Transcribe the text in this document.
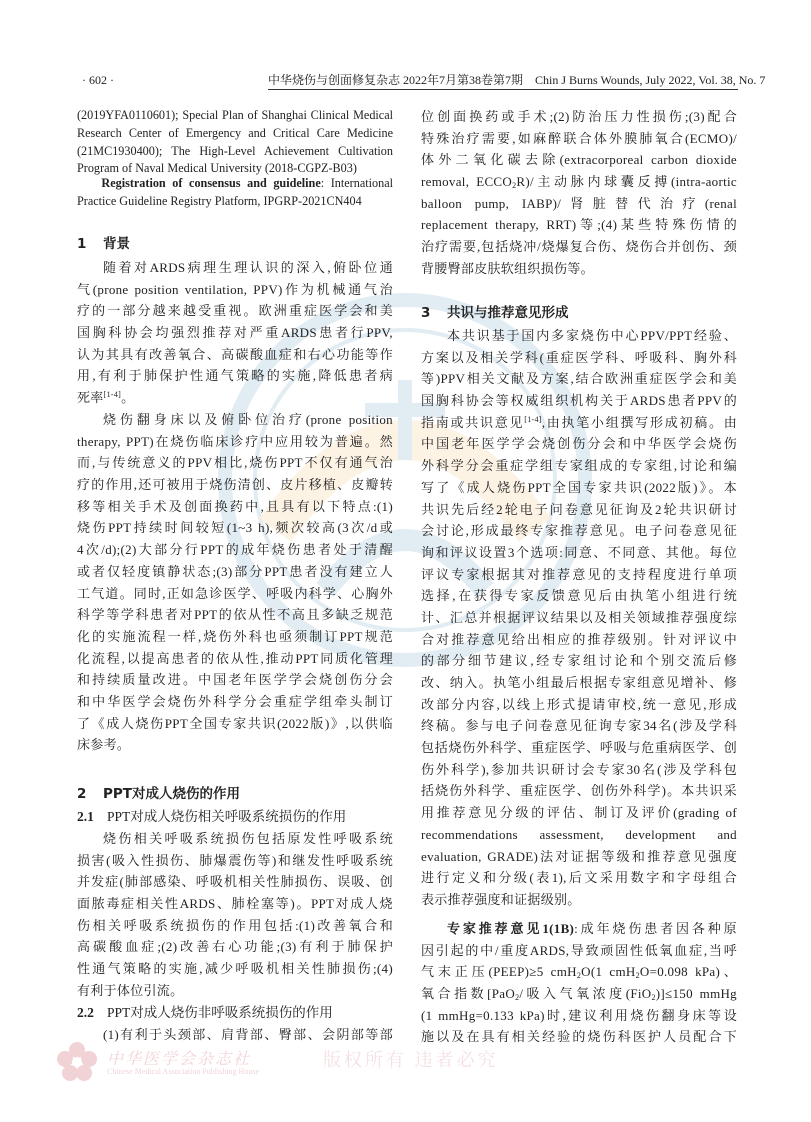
· 602 ·	中华烧伤与创面修复杂志 2022年7月第38卷第7期　Chin J Burns Wounds, July 2022, Vol. 38, No. 7
(2019YFA0110601); Special Plan of Shanghai Clinical Medical
Research Center of Emergency and Critical Care Medicine
(21MC1930400); The High-Level Achievement Cultivation
Program of Naval Medical University (2018-CGPZ-B03)
Registration of consensus and guideline: International
Practice Guideline Registry Platform, IPGRP-2021CN404
1 背景
随着对ARDS病理生理认识的深入,俯卧位通
气(prone position ventilation, PPV)作为机械通气治
疗的一部分越来越受重视。欧洲重症医学会和美
国胸科协会均强烈推荐对严重ARDS患者行PPV,
认为其具有改善氧合、高碳酸血症和右心功能等作
用,有利于肺保护性通气策略的实施,降低患者病
死率[1-4]。
烧伤翻身床以及俯卧位治疗(prone position
therapy, PPT)在烧伤临床诊疗中应用较为普遍。然
而,与传统意义的PPV相比,烧伤PPT不仅有通气治
疗的作用,还可被用于烧伤清创、皮片移植、皮瓣转
移等相关手术及创面换药中,且具有以下特点:(1)
烧伤PPT持续时间较短(1~3 h),频次较高(3次/d或
4次/d);(2)大部分行PPT的成年烧伤患者处于清醒
或者仅轻度镇静状态;(3)部分PPT患者没有建立人
工气道。同时,正如急诊医学、呼吸内科学、心胸外
科学等学科患者对PPT的依从性不高且多缺乏规范
化的实施流程一样,烧伤外科也亟须制订PPT规范
化流程,以提高患者的依从性,推动PPT同质化管理
和持续质量改进。中国老年医学学会烧创伤分会
和中华医学会烧伤外科学分会重症学组牵头制订
了《成人烧伤PPT全国专家共识(2022版)》,以供临
床参考。
2 PPT对成人烧伤的作用
2.1 PPT对成人烧伤相关呼吸系统损伤的作用
烧伤相关呼吸系统损伤包括原发性呼吸系统
损害(吸入性损伤、肺爆震伤等)和继发性呼吸系统
并发症(肺部感染、呼吸机相关性肺损伤、误吸、创
面脓毒症相关性ARDS、肺栓塞等)。PPT对成人烧
伤相关呼吸系统损伤的作用包括:(1)改善氧合和
高碳酸血症;(2)改善右心功能;(3)有利于肺保护
性通气策略的实施,减少呼吸机相关性肺损伤;(4)
有利于体位引流。
2.2 PPT对成人烧伤非呼吸系统损伤的作用
(1)有利于头颈部、肩背部、臀部、会阴部等部
位创面换药或手术;(2)防治压力性损伤;(3)配合
特殊治疗需要,如麻醉联合体外膜肺氧合(ECMO)/
体外二氧化碳去除(extracorporeal carbon dioxide
removal, $ECCO_2R)/$主动脉内球囊反搏(intra-aortic
balloon pump, IABP)/肾脏替代治疗(renal
replacement therapy, RRT)等;(4)某些特殊伤情的
治疗需要,包括烧冲/烧爆复合伤、烧伤合并创伤、颈
背腰臀部皮肤软组织损伤等。
3 共识与推荐意见形成
本共识基于国内多家烧伤中心PPV/PPT经验、
方案以及相关学科(重症医学科、呼吸科、胸外科
等)PPV相关文献及方案,结合欧洲重症医学会和美
国胸科协会等权威组织机构关于ARDS患者PPV的
指南或共识意见[1-4],由执笔小组撰写形成初稿。由
中国老年医学学会烧创伤分会和中华医学会烧伤
外科学分会重症学组专家组成的专家组,讨论和编
写了《成人烧伤PPT全国专家共识(2022版)》。本
共识先后经2轮电子问卷意见征询及2轮共识研讨
会讨论,形成最终专家推荐意见。电子问卷意见征
询和评议设置3个选项:同意、不同意、其他。每位
评议专家根据其对推荐意见的支持程度进行单项
选择,在获得专家反馈意见后由执笔小组进行统
计、汇总并根据评议结果以及相关领域推荐强度综
合对推荐意见给出相应的推荐级别。针对评议中
的部分细节建议,经专家组讨论和个别交流后修
改、纳入。执笔小组最后根据专家组意见增补、修
改部分内容,以线上形式提请审校,统一意见,形成
终稿。参与电子问卷意见征询专家34名(涉及学科
包括烧伤外科学、重症医学、呼吸与危重病医学、创
伤外科学),参加共识研讨会专家30名(涉及学科包
括烧伤外科学、重症医学、创伤外科学)。本共识采
用推荐意见分级的评估、制订及评价(grading of
recommendations assessment, development and
evaluation, GRADE)法对证据等级和推荐意见强度
进行定义和分级(表1),后文采用数字和字母组合
表示推荐强度和证据级别。
专家推荐意见1(1B):成年烧伤患者因各种原
因引起的中/重度ARDS,导致顽固性低氧血症,当呼
气末正压(PEEP)≥5 cmH$_2$O(1 cmH$_2$O=0.098 kPa)、
氧合指数[PaO$_2$/吸入气氧浓度(FiO$_2$)]≤150 mmHg
(1 mmHg=0.133 kPa)时,建议利用烧伤翻身床等设
施以及在具有相关经验的烧伤科医护人员配合下
中华医学会杂志社
Chinese Medical Association Publishing House
版权所有 违者必究
